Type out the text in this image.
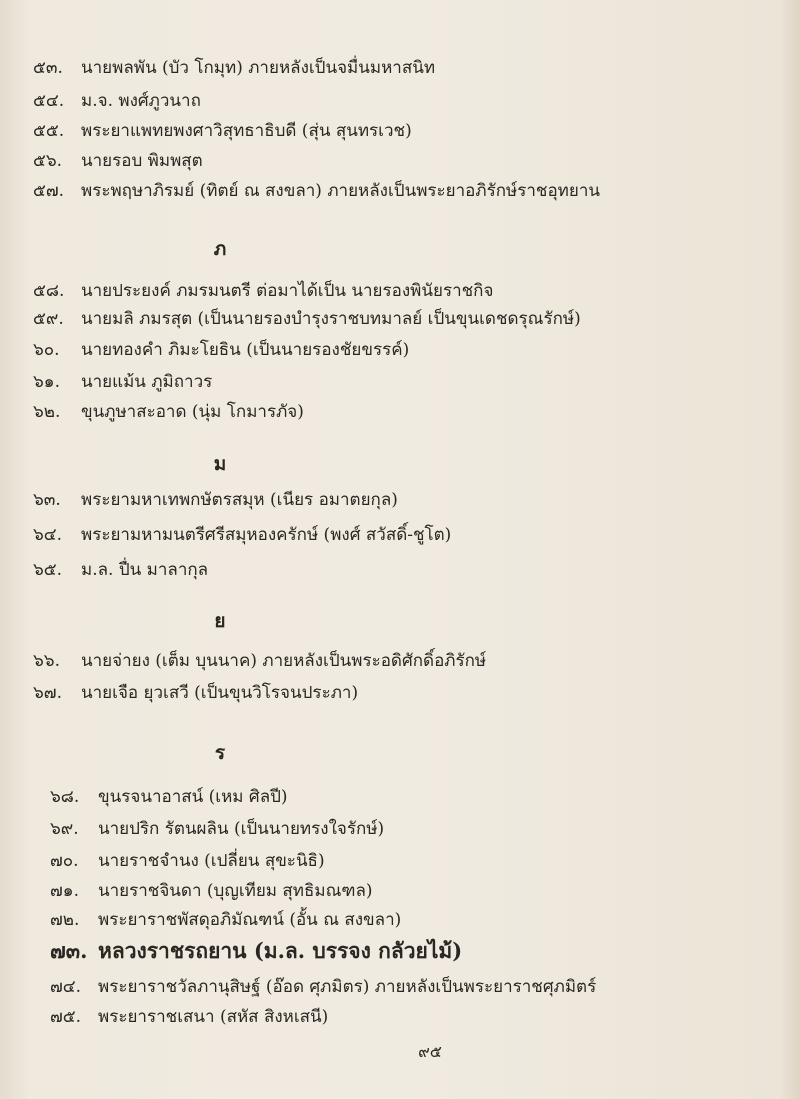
๕๓. นายพลพัน (บัว โกมุท) ภายหลังเป็นจมื่นมหาสนิท
๕๔. ม.จ. พงศ์ภูวนาถ
๕๕. พระยาแพทยพงศาวิสุทธาธิบดี (สุ่น สุนทรเวช)
๕๖. นายรอบ พิมพสุต
๕๗. พระพฤษาภิรมย์ (ทิตย์ ณ สงขลา) ภายหลังเป็นพระยาอภิรักษ์ราชอุทยาน
ภ
๕๘. นายประยงค์ ภมรมนตรี ต่อมาได้เป็น นายรองพินัยราชกิจ
๕๙. นายมลิ ภมรสุต (เป็นนายรองบำรุงราชบทมาลย์ เป็นขุนเดชดรุณรักษ์)
๖๐. นายทองคำ ภิมะโยธิน (เป็นนายรองชัยขรรค์)
๖๑. นายแม้น ภูมิถาวร
๖๒. ขุนภูษาสะอาด (นุ่ม โกมารภัจ)
ม
๖๓. พระยามหาเทพกษัตรสมุห (เนียร อมาตยกุล)
๖๔. พระยามหามนตรีศรีสมุหองครักษ์ (พงศ์ สวัสดิ์-ชูโต)
๖๕. ม.ล. ปื่น มาลากุล
ย
๖๖. นายจ่ายง (เต็ม บุนนาค) ภายหลังเป็นพระอดิศักดิ์อภิรักษ์
๖๗. นายเจือ ยุวเสวี (เป็นขุนวิโรจนประภา)
ร
๖๘. ขุนรจนาอาสน์ (เหม ศิลปี)
๖๙. นายปริก รัตนผลิน (เป็นนายทรงใจรักษ์)
๗๐. นายราชจำนง (เปลี่ยน สุขะนิธิ)
๗๑. นายราชจินดา (บุญเทียม สุทธิมณฑล)
๗๒. พระยาราชพัสดุอภิมัณฑน์ (อั้น ณ สงขลา)
๗๓. หลวงราชรถยาน (ม.ล. บรรจง กลัวยไม้)
๗๔. พระยาราชวัลภานุสิษฐ์ (อ๊อด ศุภมิตร) ภายหลังเป็นพระยาราชศุภมิตร์
๗๕. พระยาราชเสนา (สหัส สิงหเสนี)
๙๕
